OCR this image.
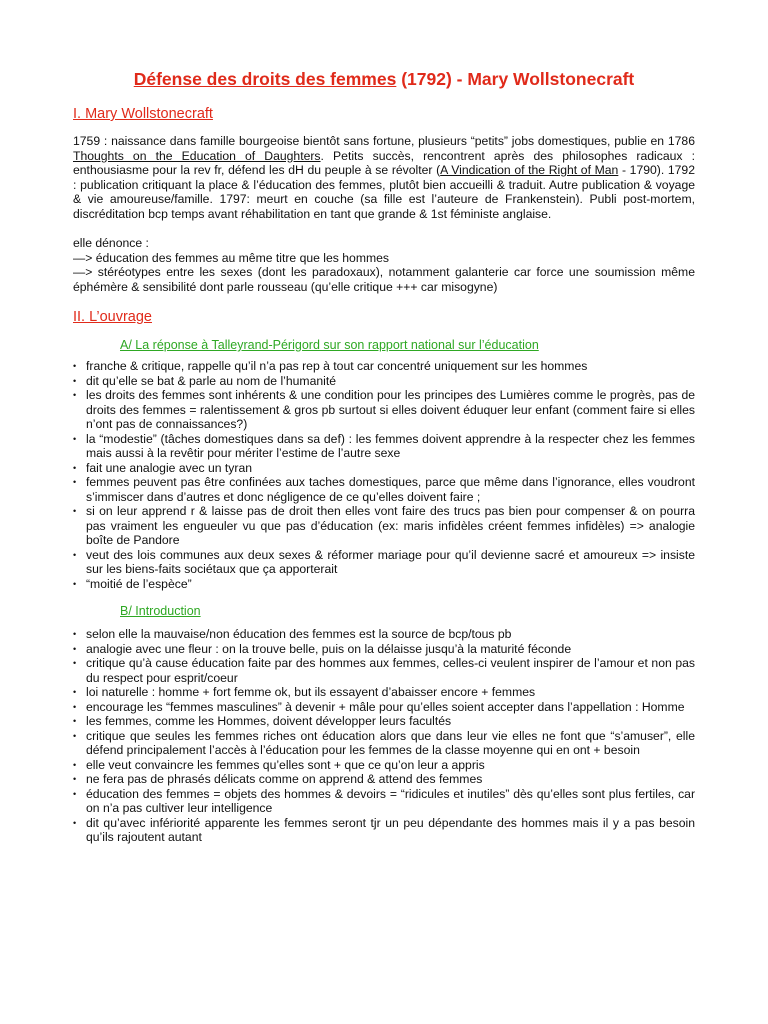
Défense des droits des femmes (1792) - Mary Wollstonecraft
I. Mary Wollstonecraft

1759 : naissance dans famille bourgeoise bientôt sans fortune, plusieurs “petits” jobs domestiques, publie en 1786 Thoughts on the Education of Daughters. Petits succès, rencontrent après des philosophes radicaux : enthousiasme pour la rev fr, défend les dH du peuple à se révolter (A Vindication of the Right of Man - 1790). 1792 : publication critiquant la place & l’éducation des femmes, plutôt bien accueilli & traduit. Autre publication & voyage & vie amoureuse/famille. 1797: meurt en couche (sa fille est l’auteure de Frankenstein). Publi post-mortem, discréditation bcp temps avant réhabilitation en tant que grande & 1st féministe anglaise.

elle dénonce :
—> éducation des femmes au même titre que les hommes
—> stéréotypes entre les sexes (dont les paradoxaux), notamment galanterie car force une soumission même éphémère & sensibilité dont parle rousseau (qu’elle critique +++ car misogyne)
II. L’ouvrage
A/ La réponse à Talleyrand-Périgord sur son rapport national sur l’éducation
• franche & critique, rappelle qu’il n’a pas rep à tout car concentré uniquement sur les hommes
• dit qu’elle se bat & parle au nom de l’humanité
• les droits des femmes sont inhérents & une condition pour les principes des Lumières comme le progrès, pas de droits des femmes = ralentissement & gros pb surtout si elles doivent éduquer leur enfant (comment faire si elles n’ont pas de connaissances?)
• la “modestie” (tâches domestiques dans sa def) : les femmes doivent apprendre à la respecter chez les femmes mais aussi à la revêtir pour mériter l’estime de l’autre sexe
• fait une analogie avec un tyran
• femmes peuvent pas être confinées aux taches domestiques, parce que même dans l’ignorance, elles voudront s’immiscer dans d’autres et donc négligence de ce qu’elles doivent faire ;
• si on leur apprend r & laisse pas de droit then elles vont faire des trucs pas bien pour compenser & on pourra pas vraiment les engueuler vu que pas d’éducation (ex: maris infidèles créent femmes infidèles) => analogie boîte de Pandore
• veut des lois communes aux deux sexes & réformer mariage pour qu’il devienne sacré et amoureux => insiste sur les biens-faits sociétaux que ça apporterait
• “moitié de l’espèce”
B/ Introduction
• selon elle la mauvaise/non éducation des femmes est la source de bcp/tous pb
• analogie avec une fleur : on la trouve belle, puis on la délaisse jusqu’à la maturité féconde
• critique qu’à cause éducation faite par des hommes aux femmes, celles-ci veulent inspirer de l’amour et non pas du respect pour esprit/coeur
• loi naturelle : homme + fort femme ok, but ils essayent d’abaisser encore + femmes
• encourage les “femmes masculines” à devenir + mâle pour qu’elles soient accepter dans l’appellation : Homme
• les femmes, comme les Hommes, doivent développer leurs facultés
• critique que seules les femmes riches ont éducation alors que dans leur vie elles ne font que “s’amuser”, elle défend principalement l’accès à l’éducation pour les femmes de la classe moyenne qui en ont + besoin
• elle veut convaincre les femmes qu’elles sont + que ce qu’on leur a appris
• ne fera pas de phrasés délicats comme on apprend & attend des femmes
• éducation des femmes = objets des hommes & devoirs = “ridicules et inutiles” dès qu’elles sont plus fertiles, car on n’a pas cultiver leur intelligence
• dit qu’avec infériorité apparente les femmes seront tjr un peu dépendante des hommes mais il y a pas besoin qu’ils rajoutent autant
